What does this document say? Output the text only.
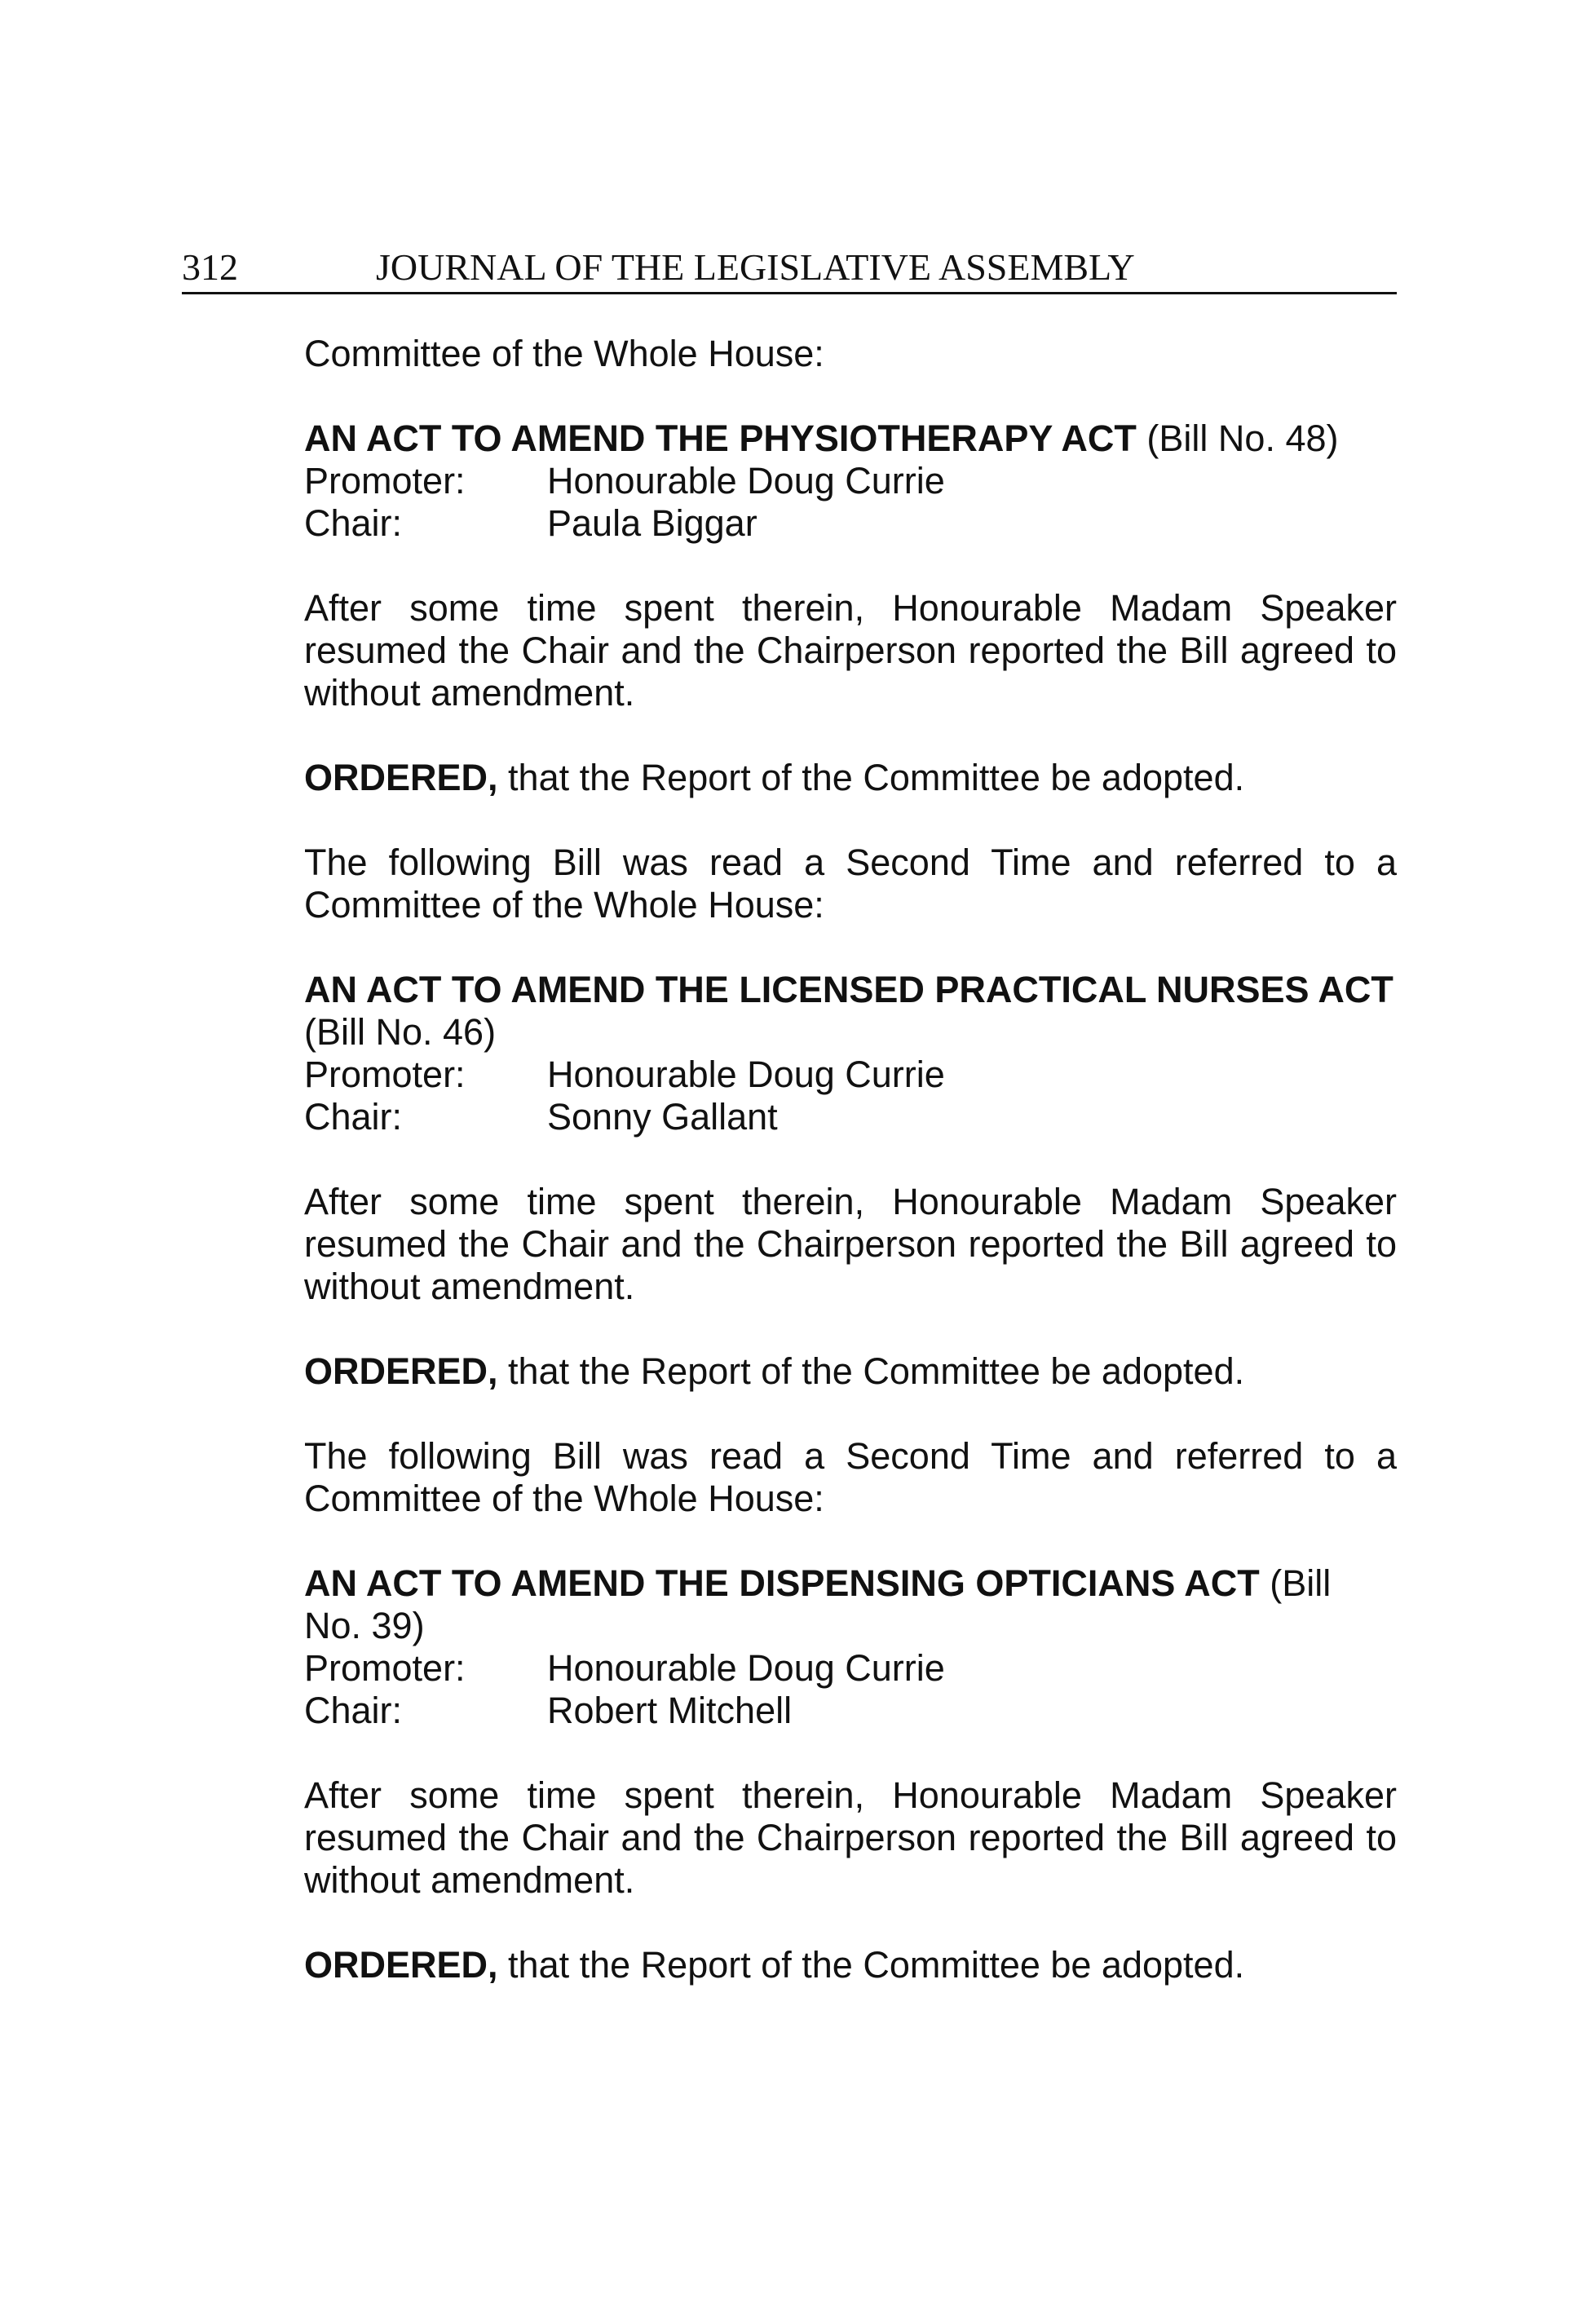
312	JOURNAL OF THE LEGISLATIVE ASSEMBLY

Committee of the Whole House:

AN ACT TO AMEND THE PHYSIOTHERAPY ACT (Bill No. 48)

Promoter:	Honourable Doug Currie
Chair:	Paula Biggar

After some time spent therein, Honourable Madam Speaker resumed the Chair and the Chairperson reported the Bill agreed to without amendment.

ORDERED, that the Report of the Committee be adopted.

The following Bill was read a Second Time and referred to a Committee of the Whole House:

AN ACT TO AMEND THE LICENSED PRACTICAL NURSES ACT (Bill No. 46)

Promoter:	Honourable Doug Currie
Chair:	Sonny Gallant

After some time spent therein, Honourable Madam Speaker resumed the Chair and the Chairperson reported the Bill agreed to without amendment.

ORDERED, that the Report of the Committee be adopted.

The following Bill was read a Second Time and referred to a Committee of the Whole House:

AN ACT TO AMEND THE DISPENSING OPTICIANS ACT (Bill No. 39)

Promoter:	Honourable Doug Currie
Chair:	Robert Mitchell

After some time spent therein, Honourable Madam Speaker resumed the Chair and the Chairperson reported the Bill agreed to without amendment.

ORDERED, that the Report of the Committee be adopted.
